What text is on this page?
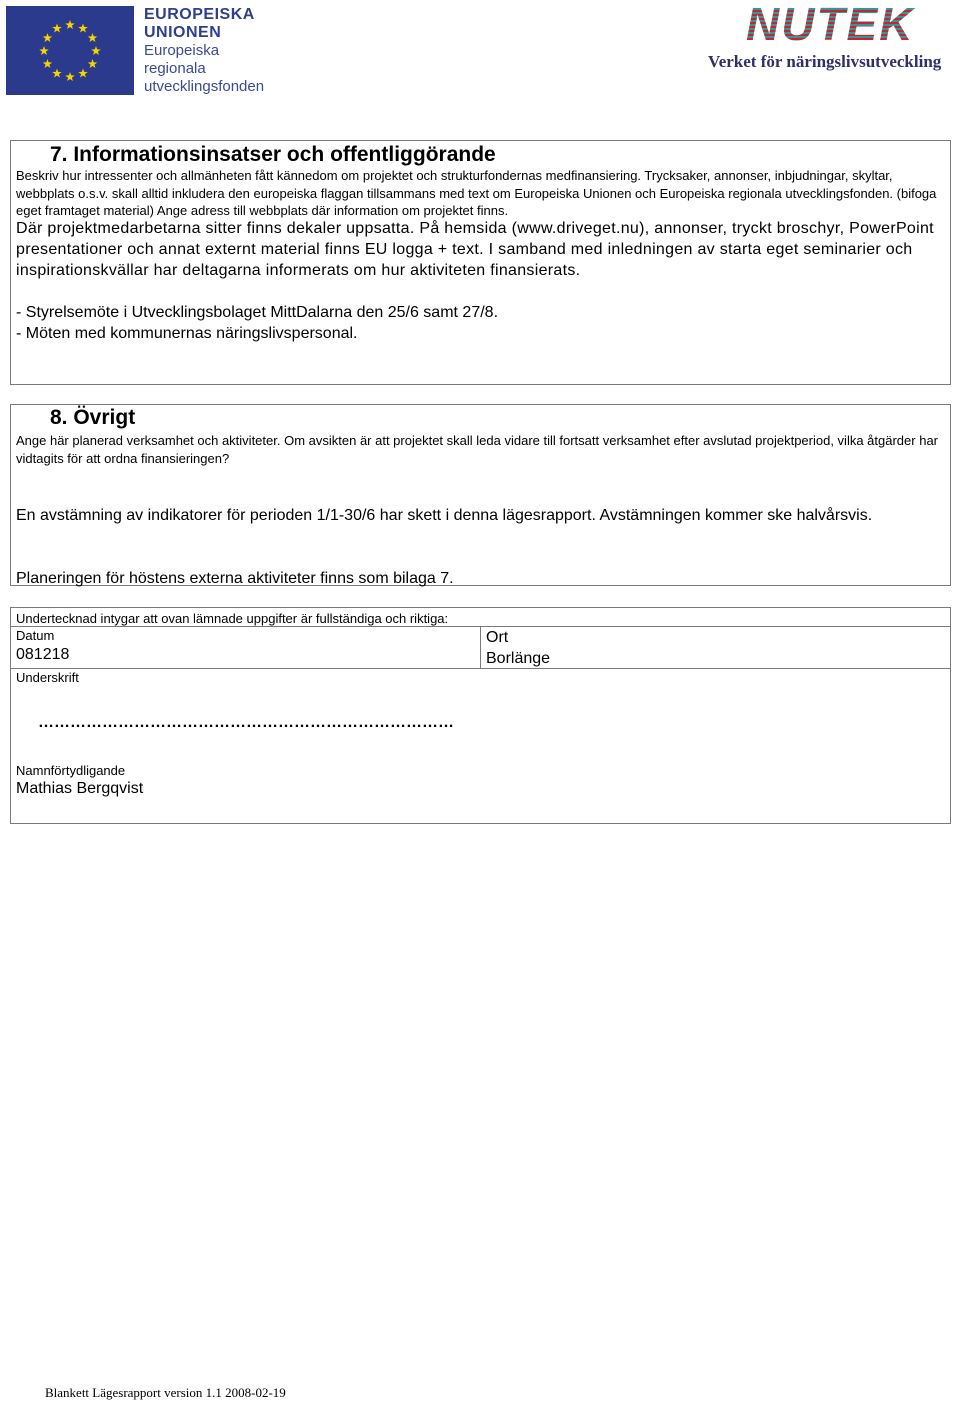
EUROPEISKA
UNIONEN
Europeiska
regionala
utvecklingsfonden
NUTEK
Verket för näringslivsutveckling
7. Informationsinsatser och offentliggörande
Beskriv hur intressenter och allmänheten fått kännedom om projektet och strukturfondernas medfinansiering. Trycksaker, annonser, inbjudningar, skyltar, webbplats o.s.v. skall alltid inkludera den europeiska flaggan tillsammans med text om Europeiska Unionen och Europeiska regionala utvecklingsfonden. (bifoga eget framtaget material) Ange adress till webbplats där information om projektet finns.
Där projektmedarbetarna sitter finns dekaler uppsatta. På hemsida (www.driveget.nu), annonser, tryckt broschyr, PowerPoint presentationer och annat externt material finns EU logga + text. I samband med inledningen av starta eget seminarier och inspirationskvällar har deltagarna informerats om hur aktiviteten finansierats.
- Styrelsemöte i Utvecklingsbolaget MittDalarna den 25/6 samt 27/8.
- Möten med kommunernas näringslivspersonal.
8. Övrigt
Ange här planerad verksamhet och aktiviteter. Om avsikten är att projektet skall leda vidare till fortsatt verksamhet efter avslutad projektperiod, vilka åtgärder har vidtagits för att ordna finansieringen?
En avstämning av indikatorer för perioden 1/1-30/6 har skett i denna lägesrapport. Avstämningen kommer ske halvårsvis.
Planeringen för höstens externa aktiviteter finns som bilaga 7.
Undertecknad intygar att ovan lämnade uppgifter är fullständiga och riktiga:
Datum
081218
Ort
Borlänge
Underskrift
……………………………………………………………………
Namnförtydligande
Mathias Bergqvist
Blankett Lägesrapport version 1.1 2008-02-19
